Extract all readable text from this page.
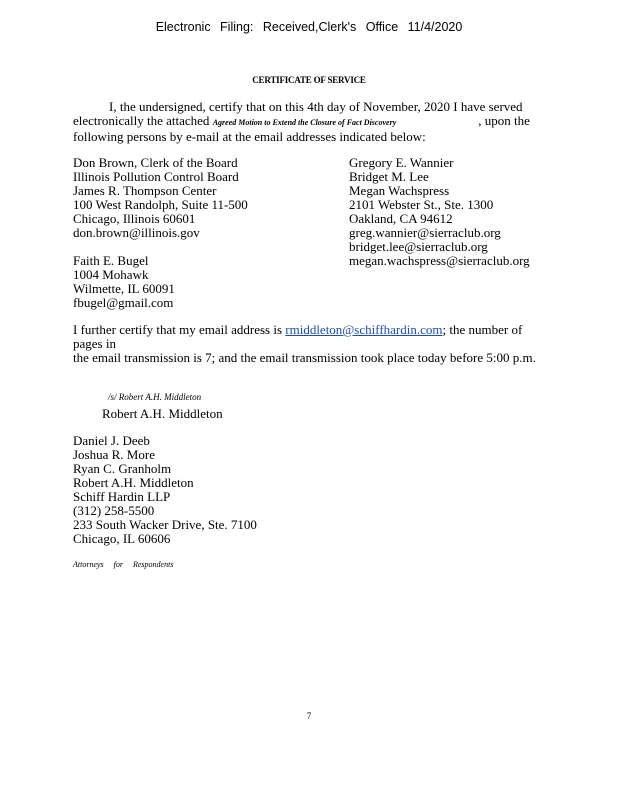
Electronic Filing: Received,Clerk's Office 11/4/2020
CERTIFICATE OF SERVICE

I, the undersigned, certify that on this 4th day of November, 2020 I have served

electronically the attached Agreed Motion to Extend the Closure of Fact Discovery	, upon the

following persons by e-mail at the email addresses indicated below:

Don Brown, Clerk of the Board
Illinois Pollution Control Board
James R. Thompson Center
100 West Randolph, Suite 11-500
Chicago, Illinois 60601
don.brown@illinois.gov
Gregory E. Wannier
Bridget M. Lee
Megan Wachspress
2101 Webster St., Ste. 1300
Oakland, CA 94612
greg.wannier@sierraclub.org
bridget.lee@sierraclub.org
megan.wachspress@sierraclub.org
Faith E. Bugel
1004 Mohawk
Wilmette, IL 60091
fbugel@gmail.com

I further certify that my email address is rmiddleton@schiffhardin.com; the number of pages in

the email transmission is 7; and the email transmission took place today before 5:00 p.m.

/s/ Robert A.H. Middleton
Robert A.H. Middleton
Daniel J. Deeb
Joshua R. More
Ryan C. Granholm
Robert A.H. Middleton
Schiff Hardin LLP
(312) 258-5500
233 South Wacker Drive, Ste. 7100
Chicago, IL 60606
Attorneys for Respondents
7
